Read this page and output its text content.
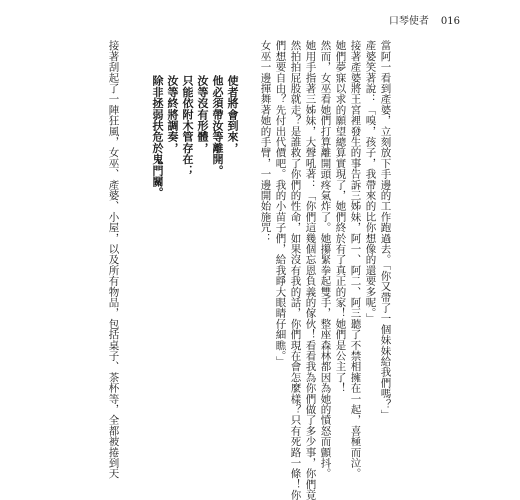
口琴使者 016
當阿一看到產婆，立刻放下手邊的工作跑過去。「你又帶了一個妹妹給我們嗎？」
產婆笑著說：「嗅，孩子，我帶來的比你想像的還要多呢。」
接著產婆將王宮裡發生的事告訴三姊妹，阿一、阿二、阿三聽了不禁相擁在一起，喜極而泣。
她們夢寐以求的願望總算實現了，她們終於有了真正的家！她們是公主了！
然而，女巫看她們打算離開頭疼氣炸了。她攥緊拳起雙手，整座森林都因為她的憤怒而顫抖。
她用手指著三姊妹，大聲吼著：「你們這幾個忘恩負義的傢伙！看看我為你們做了多少事，你們竟
然拍拍屁股就走？是誰救了你們的性命，如果沒有我的話，你們現在會怎麼樣？只有死路一條！你
們想要自由？先付出代價吧。我的小苗子們，給我睜大眼睛仔細瞧。」
女巫一邊揮舞著她的手臂，一邊開始施咒：
使者將會到來，
他必須帶汝等離開。
汝等沒有形體，
只能依附木管存在；
汝等終將調奏，
除非拯弱扶危於鬼門關。
接著刮起了一陣狂風，女巫、產婆、小屋，以及所有物品，包括桌子、茶杯等，全都被捲到天
